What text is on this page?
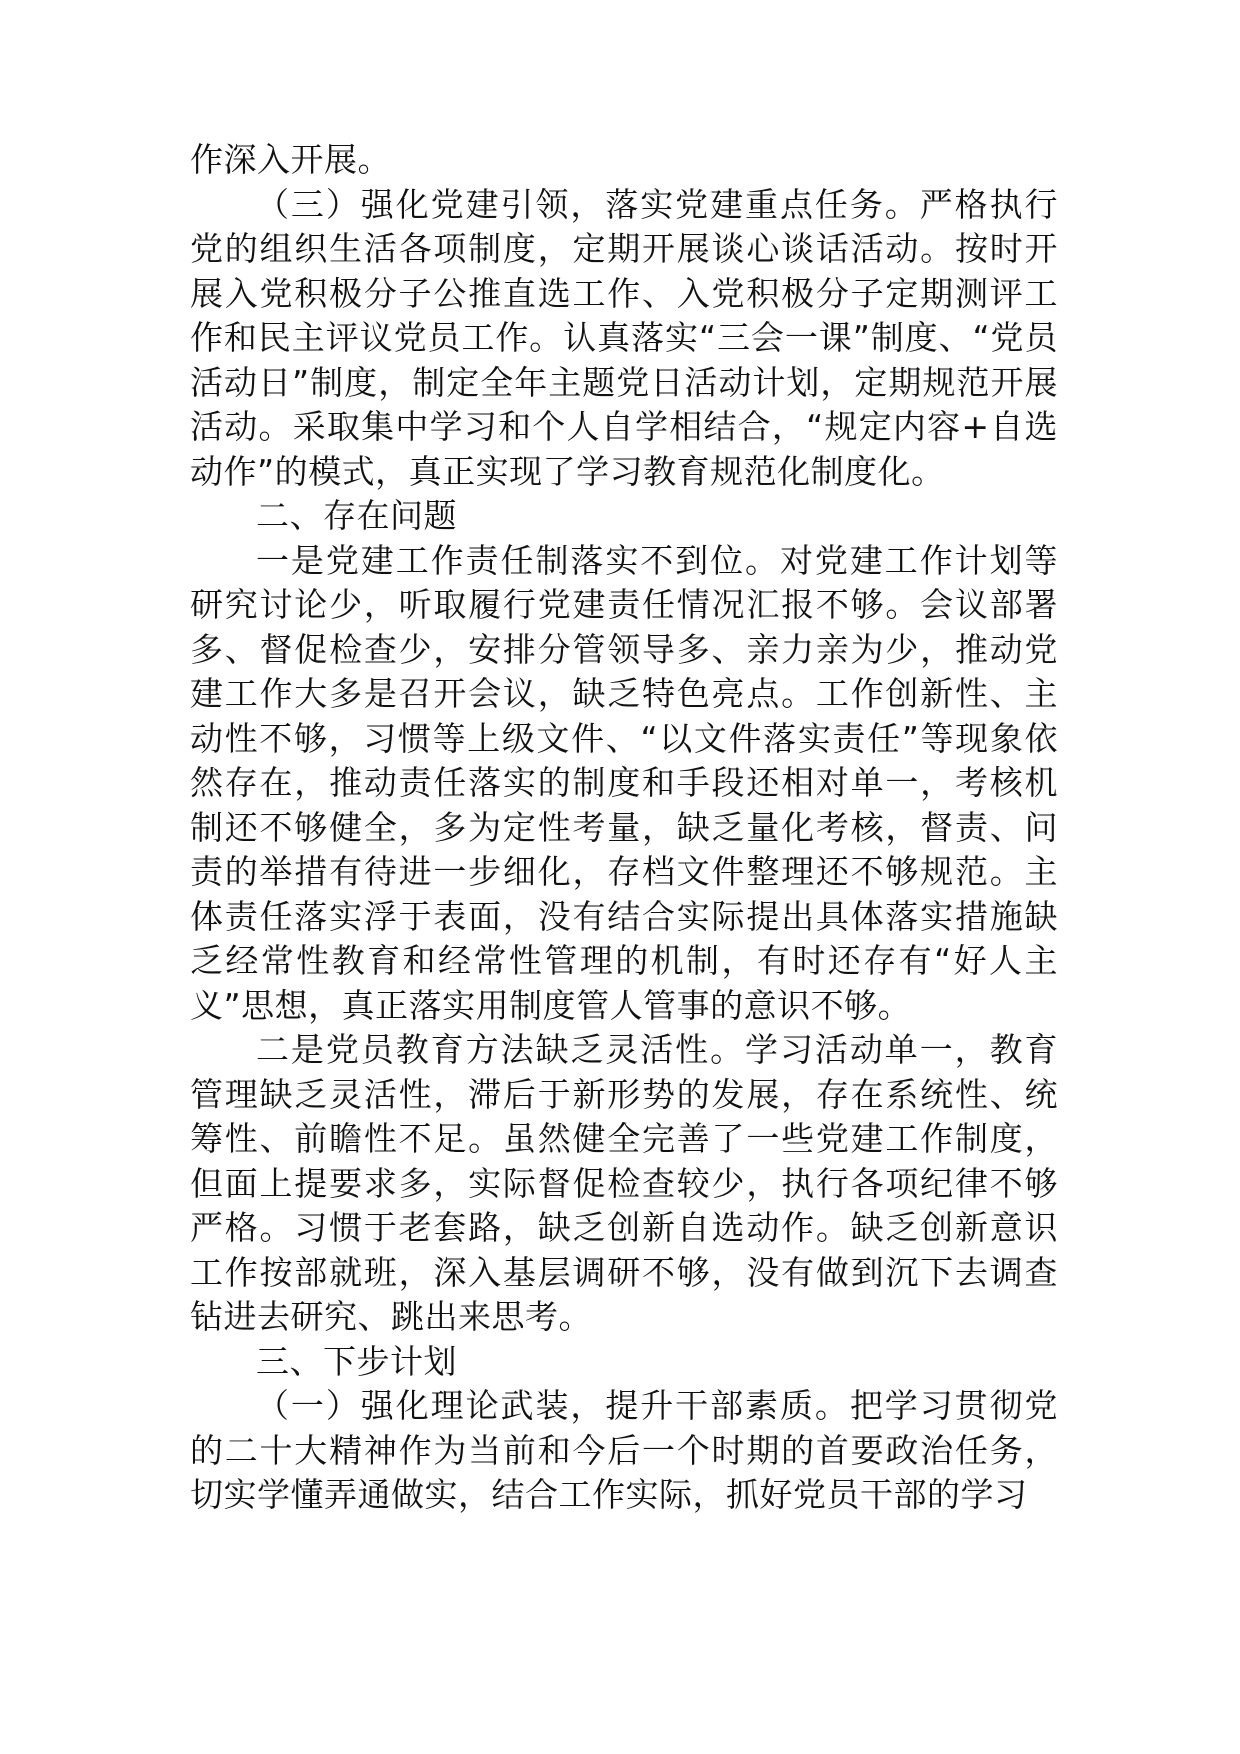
作深入开展。

（三）强化党建引领，落实党建重点任务。严格执行党的组织生活各项制度，定期开展谈心谈话活动。按时开展入党积极分子公推直选工作、入党积极分子定期测评工作和民主评议党员工作。认真落实“三会一课”制度、“党员活动日”制度，制定全年主题党日活动计划，定期规范开展活动。采取集中学习和个人自学相结合，“规定内容+自选动作”的模式，真正实现了学习教育规范化制度化。

二、存在问题

一是党建工作责任制落实不到位。对党建工作计划等研究讨论少，听取履行党建责任情况汇报不够。会议部署多、督促检查少，安排分管领导多、亲力亲为少，推动党建工作大多是召开会议，缺乏特色亮点。工作创新性、主动性不够，习惯等上级文件、“以文件落实责任”等现象依然存在，推动责任落实的制度和手段还相对单一，考核机制还不够健全，多为定性考量，缺乏量化考核，督责、问责的举措有待进一步细化，存档文件整理还不够规范。主体责任落实浮于表面，没有结合实际提出具体落实措施缺乏经常性教育和经常性管理的机制，有时还存有“好人主义”思想，真正落实用制度管人管事的意识不够。

二是党员教育方法缺乏灵活性。学习活动单一，教育管理缺乏灵活性，滞后于新形势的发展，存在系统性、统筹性、前瞻性不足。虽然健全完善了一些党建工作制度，但面上提要求多，实际督促检查较少，执行各项纪律不够严格。习惯于老套路，缺乏创新自选动作。缺乏创新意识工作按部就班，深入基层调研不够，没有做到沉下去调查钻进去研究、跳出来思考。

三、下步计划

（一）强化理论武装，提升干部素质。把学习贯彻党的二十大精神作为当前和今后一个时期的首要政治任务，切实学懂弄通做实，结合工作实际，抓好党员干部的学习
